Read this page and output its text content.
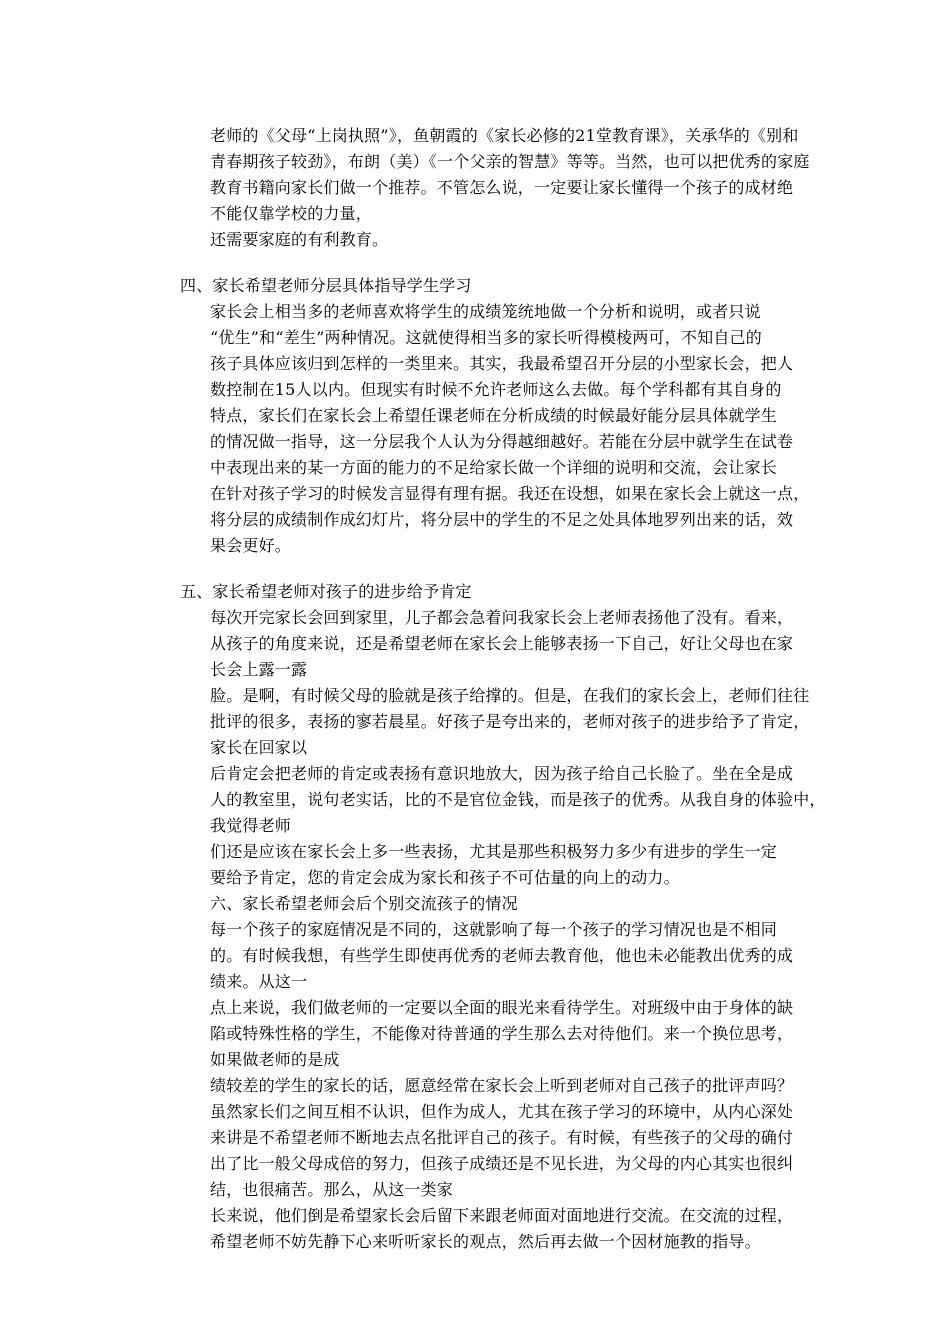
老师的《父母“上岗执照”》，鱼朝霞的《家长必修的21堂教育课》，关承华的《别和
青春期孩子较劲》，布朗（美）《一个父亲的智慧》等等。当然，也可以把优秀的家庭
教育书籍向家长们做一个推荐。不管怎么说，一定要让家长懂得一个孩子的成材绝
不能仅靠学校的力量，
还需要家庭的有利教育。
四、家长希望老师分层具体指导学生学习
家长会上相当多的老师喜欢将学生的成绩笼统地做一个分析和说明，或者只说
“优生”和“差生”两种情况。这就使得相当多的家长听得模棱两可，不知自己的
孩子具体应该归到怎样的一类里来。其实，我最希望召开分层的小型家长会，把人
数控制在15人以内。但现实有时候不允许老师这么去做。每个学科都有其自身的
特点，家长们在家长会上希望任课老师在分析成绩的时候最好能分层具体就学生
的情况做一指导，这一分层我个人认为分得越细越好。若能在分层中就学生在试卷
中表现出来的某一方面的能力的不足给家长做一个详细的说明和交流，会让家长
在针对孩子学习的时候发言显得有理有据。我还在设想，如果在家长会上就这一点，
将分层的成绩制作成幻灯片，将分层中的学生的不足之处具体地罗列出来的话，效
果会更好。
五、家长希望老师对孩子的进步给予肯定
每次开完家长会回到家里，儿子都会急着问我家长会上老师表扬他了没有。看来，
从孩子的角度来说，还是希望老师在家长会上能够表扬一下自己，好让父母也在家
长会上露一露
脸。是啊，有时候父母的脸就是孩子给撑的。但是，在我们的家长会上，老师们往往
批评的很多，表扬的寥若晨星。好孩子是夸出来的，老师对孩子的进步给予了肯定，
家长在回家以
后肯定会把老师的肯定或表扬有意识地放大，因为孩子给自己长脸了。坐在全是成
人的教室里，说句老实话，比的不是官位金钱，而是孩子的优秀。从我自身的体验中，
我觉得老师
们还是应该在家长会上多一些表扬，尤其是那些积极努力多少有进步的学生一定
要给予肯定，您的肯定会成为家长和孩子不可估量的向上的动力。
六、家长希望老师会后个别交流孩子的情况
每一个孩子的家庭情况是不同的，这就影响了每一个孩子的学习情况也是不相同
的。有时候我想，有些学生即使再优秀的老师去教育他，他也未必能教出优秀的成
绩来。从这一
点上来说，我们做老师的一定要以全面的眼光来看待学生。对班级中由于身体的缺
陷或特殊性格的学生，不能像对待普通的学生那么去对待他们。来一个换位思考，
如果做老师的是成
绩较差的学生的家长的话，愿意经常在家长会上听到老师对自己孩子的批评声吗？
虽然家长们之间互相不认识，但作为成人，尤其在孩子学习的环境中，从内心深处
来讲是不希望老师不断地去点名批评自己的孩子。有时候，有些孩子的父母的确付
出了比一般父母成倍的努力，但孩子成绩还是不见长进，为父母的内心其实也很纠
结，也很痛苦。那么，从这一类家
长来说，他们倒是希望家长会后留下来跟老师面对面地进行交流。在交流的过程，
希望老师不妨先静下心来听听家长的观点，然后再去做一个因材施教的指导。
